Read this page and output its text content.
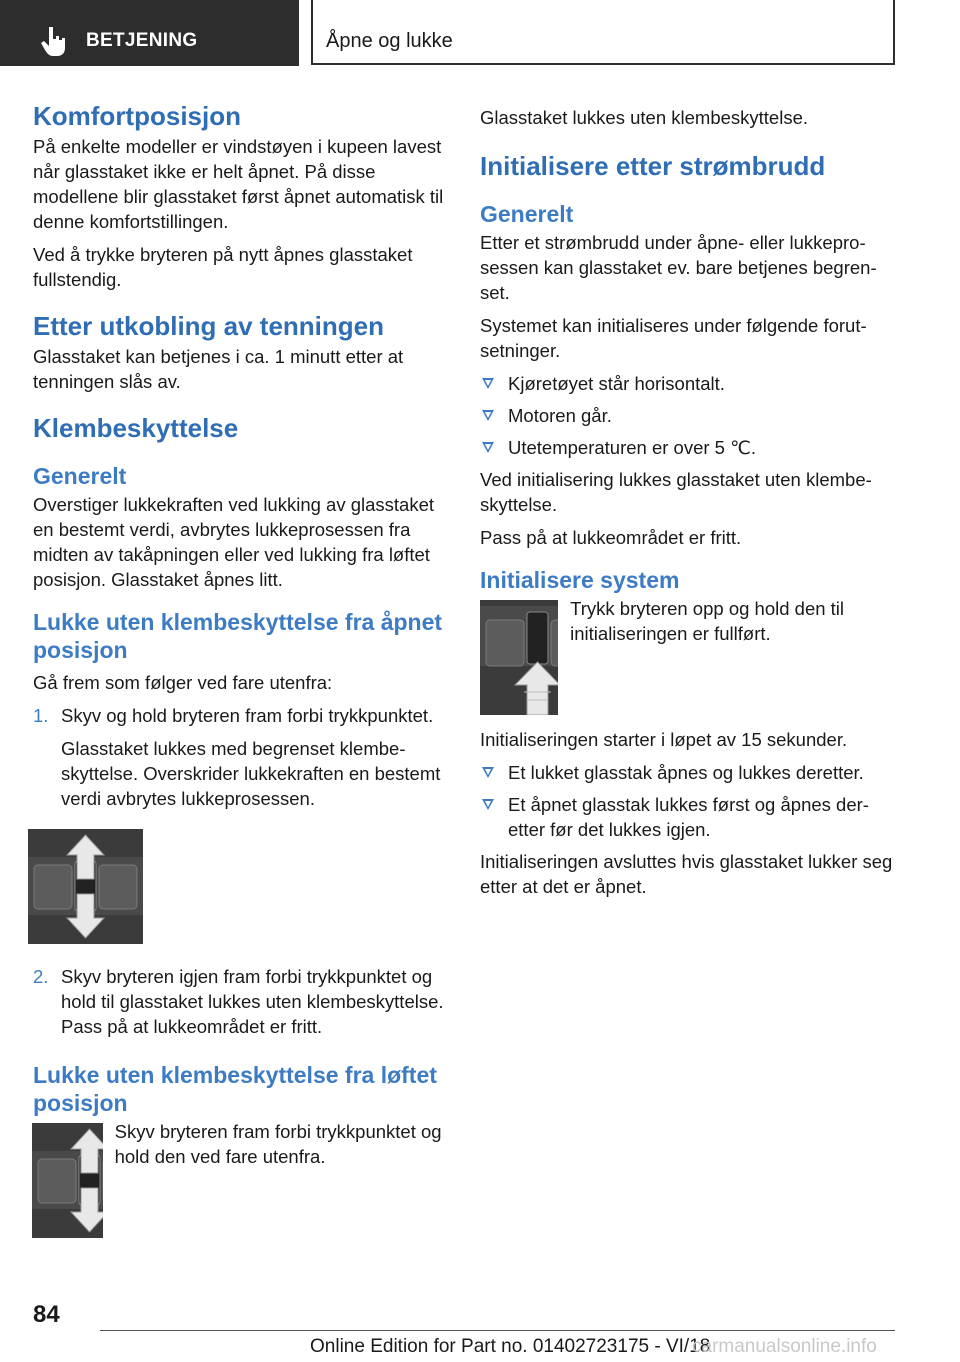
BETJENING	Åpne og lukke
Komfortposisjon

På enkelte modeller er vindstøyen i kupeen lavest når glasstaket ikke er helt åpnet. På disse modellene blir glasstaket først åpnet automatisk til denne komfortstillingen.

Ved å trykke bryteren på nytt åpnes glasstaket fullstendig.

Etter utkobling av tenningen

Glasstaket kan betjenes i ca. 1 minutt etter at tenningen slås av.

Klembeskyttelse
Generelt

Overstiger lukkekraften ved lukking av glasstaket en bestemt verdi, avbrytes lukkeprosessen fra midten av takåpningen eller ved lukking fra løftet posisjon. Glasstaket åpnes litt.

Lukke uten klembeskyttelse fra åpnet posisjon

Gå frem som følger ved fare utenfra:

1. Skyv og hold bryteren fram forbi trykkpunktet.
Glasstaket lukkes med begrenset klembeskyttelse. Overskrider lukkekraften en bestemt verdi avbrytes lukkeprosessen.
2. Skyv bryteren igjen fram forbi trykkpunktet og hold til glasstaket lukkes uten klembeskyttelse. Pass på at lukkeområdet er fritt.
Lukke uten klembeskyttelse fra løftet posisjon
Skyv bryteren fram forbi trykkpunktet og hold den ved fare utenfra.

Glasstaket lukkes uten klembeskyttelse.

Initialisere etter strømbrudd
Generelt

Etter et strømbrudd under åpne- eller lukkeprosessen kan glasstaket ev. bare betjenes begrenset.

Systemet kan initialiseres under følgende forutsetninger.

Kjøretøyet står horisontalt.
Motoren går.
Utetemperaturen er over 5 ℃.

Ved initialisering lukkes glasstaket uten klembeskyttelse.

Pass på at lukkeområdet er fritt.

Initialisere system
Trykk bryteren opp og hold den til initialiseringen er fullført.

Initialiseringen starter i løpet av 15 sekunder.

Et lukket glasstak åpnes og lukkes deretter.
Et åpnet glasstak lukkes først og åpnes deretter før det lukkes igjen.

Initialiseringen avsluttes hvis glasstaket lukker seg etter at det er åpnet.

84
Online Edition for Part no. 01402723175 - VI/18
carmanualsonline.info
